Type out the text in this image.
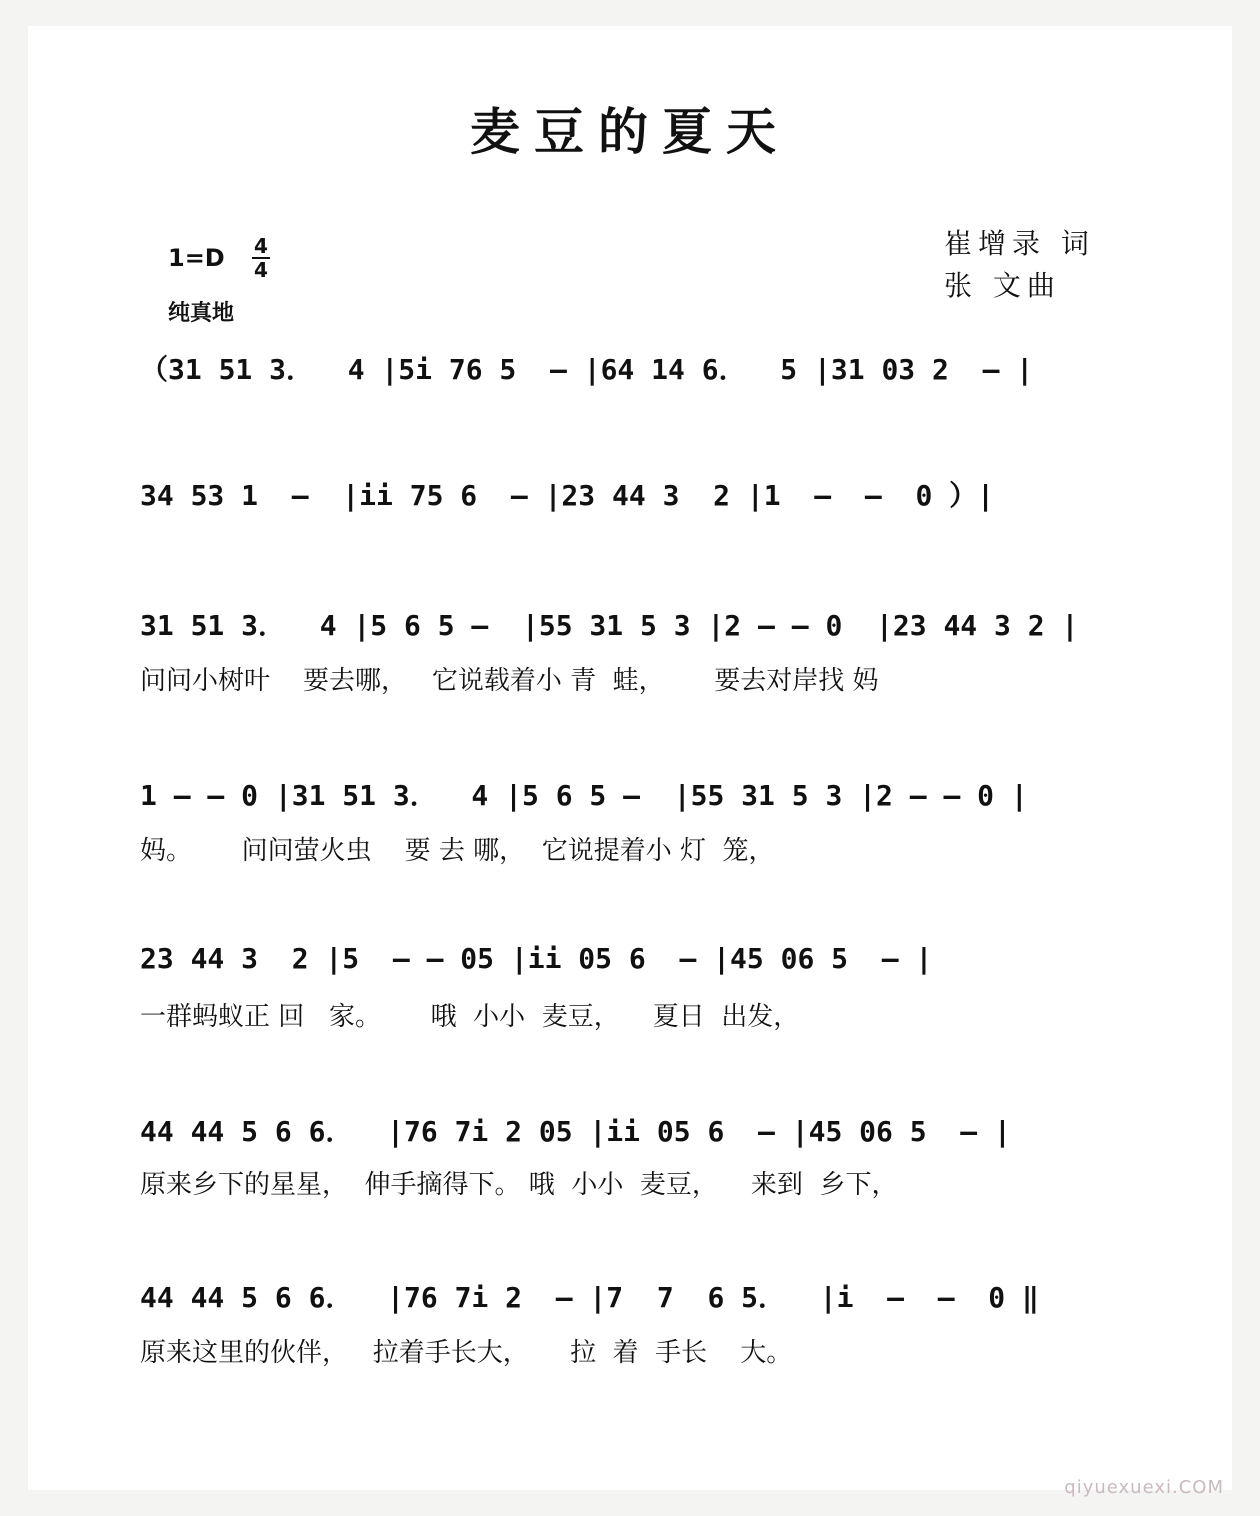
麦豆的夏天
1=D 4
4
纯真地
崔增录 词
张 文曲
（31 51 3．  4 |5i 76 5  – |64 14 6．  5 |31 03 2  – |
34 53 1  –  |ii 75 6  – |23 44 3  2 |1  –  –  0 ）|
31 51 3．  4 |5 6 5 –  |55 31 5 3 |2 – – 0  |23 44 3 2 |
问问小树叶    要去哪，   它说载着小 青  蛙，      要去对岸找 妈
1 – – 0 |31 51 3．  4 |5 6 5 –  |55 31 5 3 |2 – – 0 |
妈。      问问萤火虫    要 去 哪，  它说提着小 灯  笼，
23 44 3  2 |5  – – 05 |ii 05 6  – |45 06 5  – |
一群蚂蚁正 回   家。      哦  小小  麦豆，    夏日  出发，
44 44 5 6 6．  |76 7i 2 05 |ii 05 6  – |45 06 5  – |
原来乡下的星星，  伸手摘得下。 哦  小小  麦豆，    来到  乡下，
44 44 5 6 6．  |76 7i 2  – |7  7  6 5．  |i  –  –  0 ‖
原来这里的伙伴，   拉着手长大，     拉  着  手长    大。
qiyuexuexi.COM
